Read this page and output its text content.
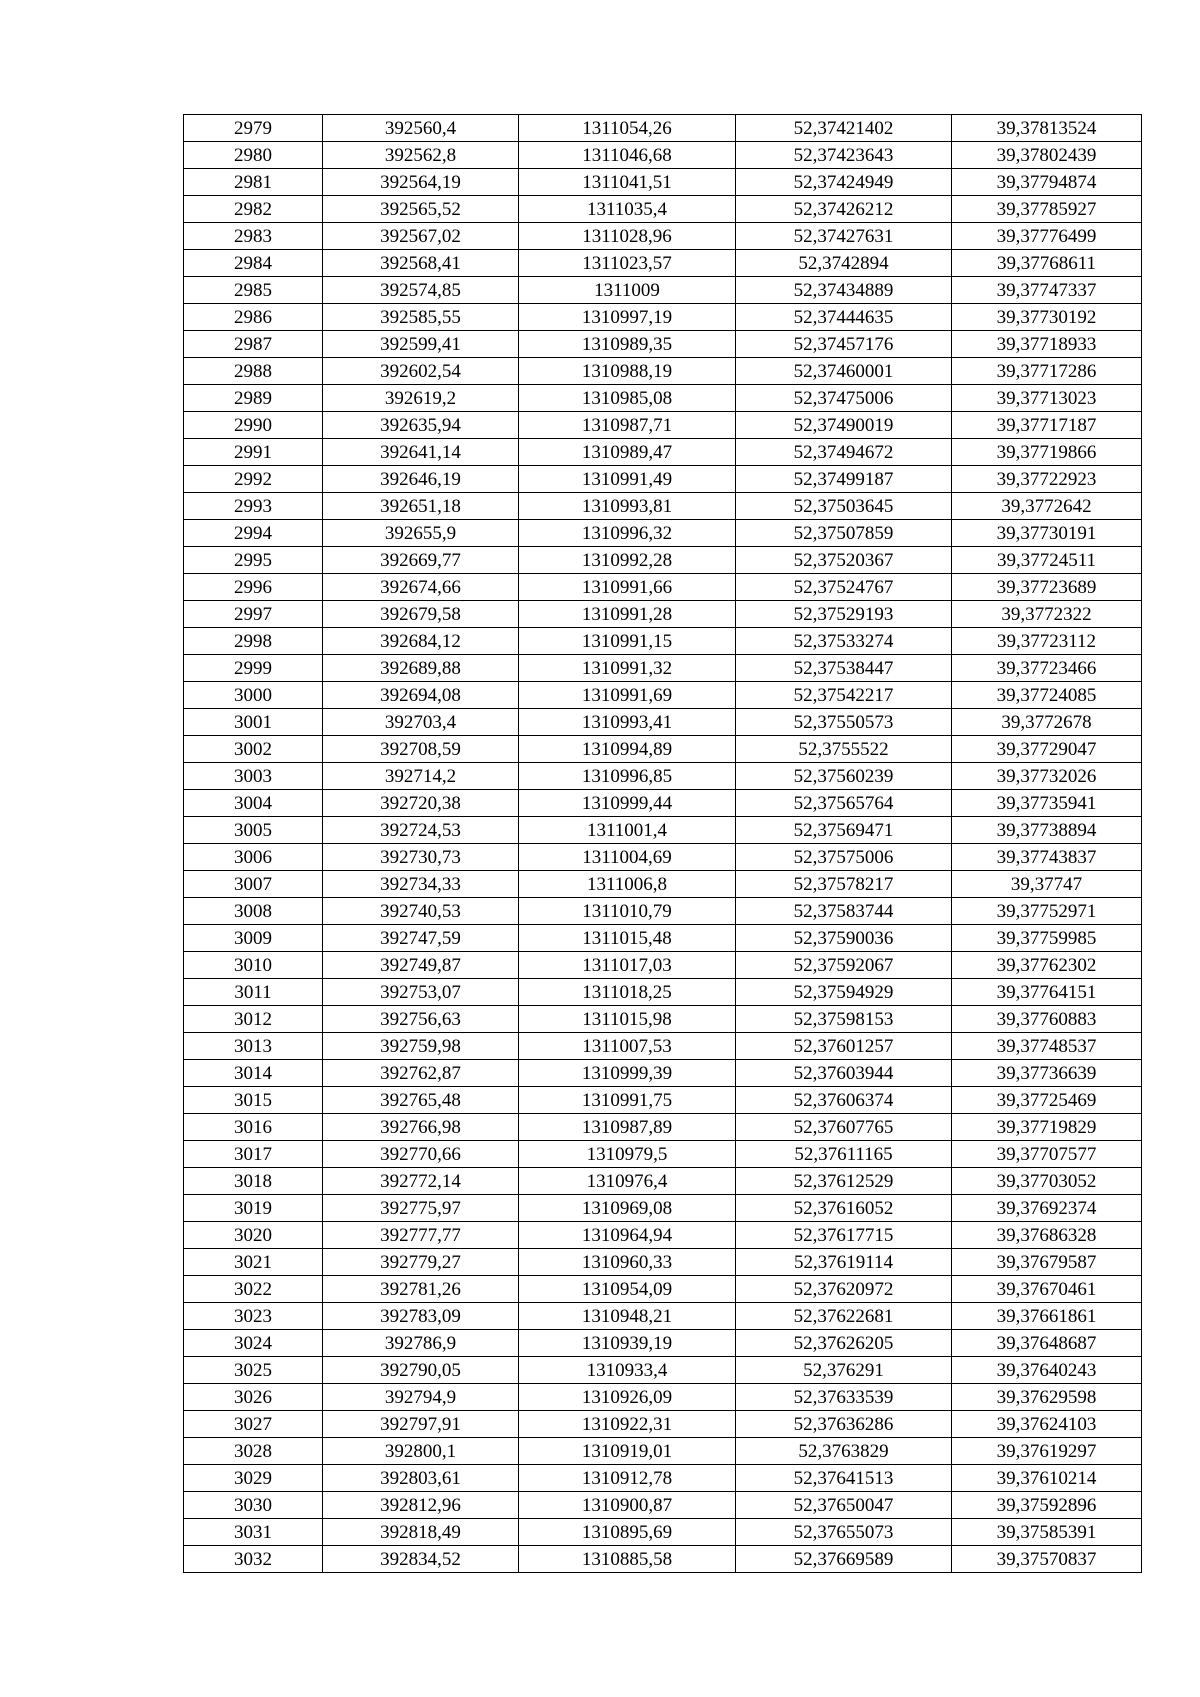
2979	392560,4	1311054,26	52,37421402	39,37813524
2980	392562,8	1311046,68	52,37423643	39,37802439
2981	392564,19	1311041,51	52,37424949	39,37794874
2982	392565,52	1311035,4	52,37426212	39,37785927
2983	392567,02	1311028,96	52,37427631	39,37776499
2984	392568,41	1311023,57	52,3742894	39,37768611
2985	392574,85	1311009	52,37434889	39,37747337
2986	392585,55	1310997,19	52,37444635	39,37730192
2987	392599,41	1310989,35	52,37457176	39,37718933
2988	392602,54	1310988,19	52,37460001	39,37717286
2989	392619,2	1310985,08	52,37475006	39,37713023
2990	392635,94	1310987,71	52,37490019	39,37717187
2991	392641,14	1310989,47	52,37494672	39,37719866
2992	392646,19	1310991,49	52,37499187	39,37722923
2993	392651,18	1310993,81	52,37503645	39,3772642
2994	392655,9	1310996,32	52,37507859	39,37730191
2995	392669,77	1310992,28	52,37520367	39,37724511
2996	392674,66	1310991,66	52,37524767	39,37723689
2997	392679,58	1310991,28	52,37529193	39,3772322
2998	392684,12	1310991,15	52,37533274	39,37723112
2999	392689,88	1310991,32	52,37538447	39,37723466
3000	392694,08	1310991,69	52,37542217	39,37724085
3001	392703,4	1310993,41	52,37550573	39,3772678
3002	392708,59	1310994,89	52,3755522	39,37729047
3003	392714,2	1310996,85	52,37560239	39,37732026
3004	392720,38	1310999,44	52,37565764	39,37735941
3005	392724,53	1311001,4	52,37569471	39,37738894
3006	392730,73	1311004,69	52,37575006	39,37743837
3007	392734,33	1311006,8	52,37578217	39,37747
3008	392740,53	1311010,79	52,37583744	39,37752971
3009	392747,59	1311015,48	52,37590036	39,37759985
3010	392749,87	1311017,03	52,37592067	39,37762302
3011	392753,07	1311018,25	52,37594929	39,37764151
3012	392756,63	1311015,98	52,37598153	39,37760883
3013	392759,98	1311007,53	52,37601257	39,37748537
3014	392762,87	1310999,39	52,37603944	39,37736639
3015	392765,48	1310991,75	52,37606374	39,37725469
3016	392766,98	1310987,89	52,37607765	39,37719829
3017	392770,66	1310979,5	52,37611165	39,37707577
3018	392772,14	1310976,4	52,37612529	39,37703052
3019	392775,97	1310969,08	52,37616052	39,37692374
3020	392777,77	1310964,94	52,37617715	39,37686328
3021	392779,27	1310960,33	52,37619114	39,37679587
3022	392781,26	1310954,09	52,37620972	39,37670461
3023	392783,09	1310948,21	52,37622681	39,37661861
3024	392786,9	1310939,19	52,37626205	39,37648687
3025	392790,05	1310933,4	52,376291	39,37640243
3026	392794,9	1310926,09	52,37633539	39,37629598
3027	392797,91	1310922,31	52,37636286	39,37624103
3028	392800,1	1310919,01	52,3763829	39,37619297
3029	392803,61	1310912,78	52,37641513	39,37610214
3030	392812,96	1310900,87	52,37650047	39,37592896
3031	392818,49	1310895,69	52,37655073	39,37585391
3032	392834,52	1310885,58	52,37669589	39,37570837
